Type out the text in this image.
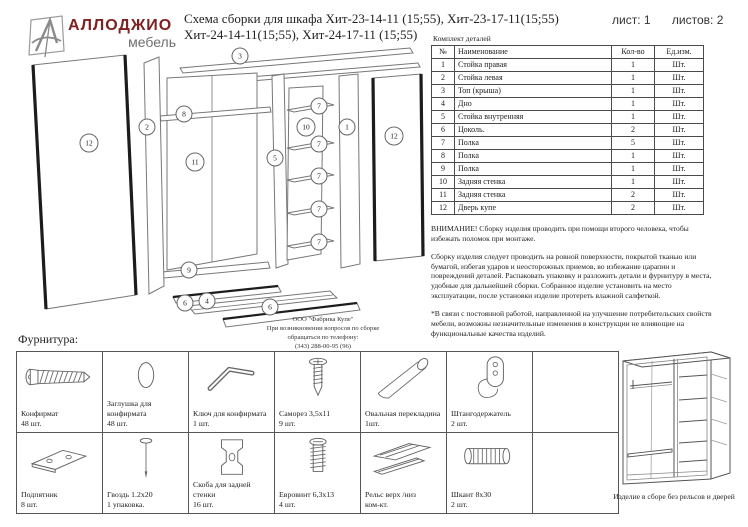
АЛЛОДЖИО
мебель
Схема сборки для шкафа Хит-23-14-11 (15;55), Хит-23-17-11(15;55)
Хит-24-14-11(15;55), Хит-24-17-11 (15;55)
лист: 1 листов: 2
12
2
11
8
9
6 4
6
3
5
10
7
7
7
7
7
1
12
ООО "Фабрика Купе"
При возникновении вопросов по сборке
обращаться по телефону:
(343) 288-00-95 (96)
Комплект деталей
№	Наименование	Кол-во	Ед.изм.
1	Стойка правая	1	Шт.
2	Стойка левая	1	Шт.
3	Топ (крыша)	1	Шт.
4	Дно	1	Шт.
5	Стойка внутренняя	1	Шт.
6	Цоколь.	2	Шт.
7	Полка	5	Шт.
8	Полка	1	Шт.
9	Полка	1	Шт.
10	Задняя стенка	1	Шт.
11	Задняя стенка	2	Шт.
12	Дверь купе	2	Шт.

ВНИМАНИЕ! Сборку изделия проводить при помощи второго человека, чтобы избежать поломок при монтаже.

Сборку изделия следует проводить на ровной поверхности, покрытой тканью или бумагой, избегая ударов и неосторожных приемов, во избежание царапин и повреждений деталей. Распаковать упаковку и разложить детали и фурнитуру в места, удобные для дальнейшей сборки. Собранное изделие установить на место эксплуатации, после установки изделие протереть влажной салфеткой.

*В связи с постоянной работой, направленной на улучшение потребительских свойств мебели, возможны незначительные изменения в конструкции не влияющие на функциональные качества изделий.

Фурнитура:
Конфирмат
48 шт.
Заглушка для конфирмата
48 шт.
Ключ для конфирмата
1 шт.
Саморез 3,5х11
9 шт.
Овальная перекладина
1шт.
Штангодержатель
2 шт.
Подпятник
8 шт.
Гвоздь 1.2х20
1 упаковка.
Скоба для задней стенки
16 шт.
Евровинт 6,3х13
4 шт.
Рельс верх /низ
ком-кт.
Шкант 8х30
2 шт.
Изделие в сборе без рельсов и дверей
